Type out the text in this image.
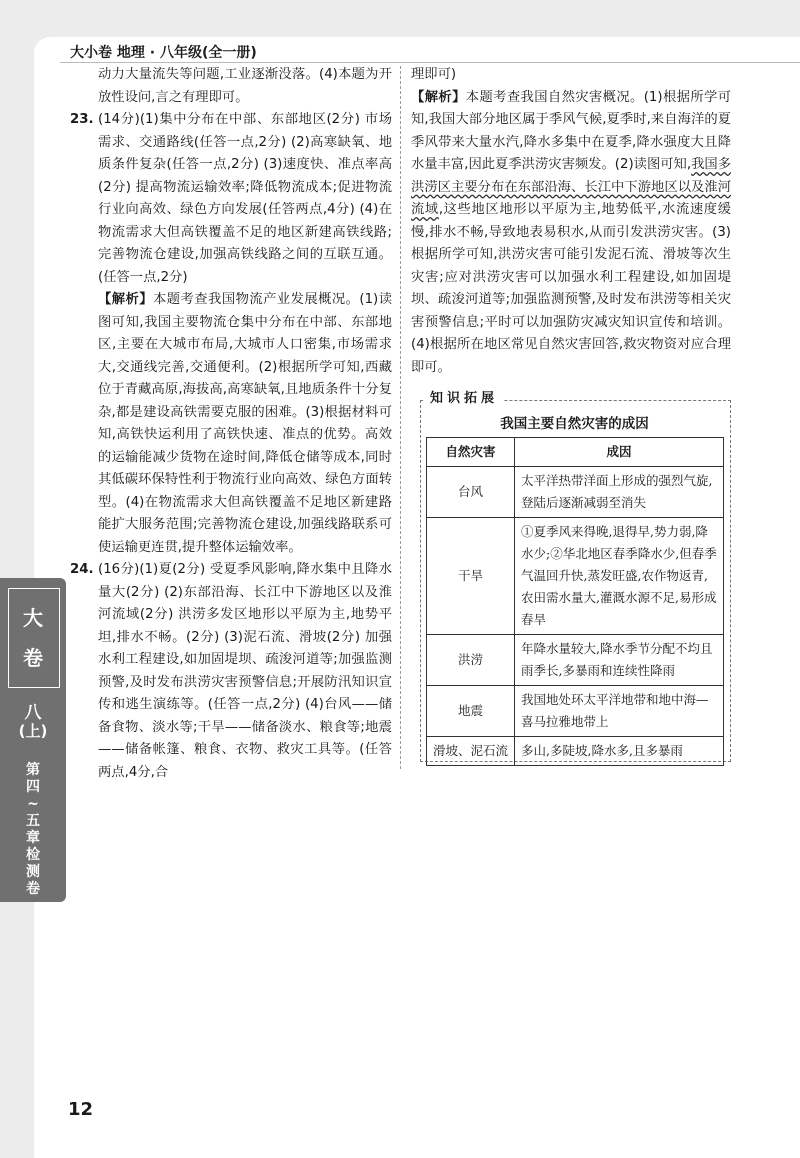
大小卷 地理 · 八年级(全一册)
动力大量流失等问题,工业逐渐没落。(4)本题为开放性设问,言之有理即可。
23. (14分)(1)集中分布在中部、东部地区(2分) 市场需求、交通路线(任答一点,2分) (2)高寒缺氧、地质条件复杂(任答一点,2分) (3)速度快、准点率高(2分) 提高物流运输效率;降低物流成本;促进物流行业向高效、绿色方向发展(任答两点,4分) (4)在物流需求大但高铁覆盖不足的地区新建高铁线路;完善物流仓建设,加强高铁线路之间的互联互通。(任答一点,2分)
【解析】本题考查我国物流产业发展概况。(1)读图可知,我国主要物流仓集中分布在中部、东部地区,主要在大城市布局,大城市人口密集,市场需求大,交通线完善,交通便利。(2)根据所学可知,西藏位于青藏高原,海拔高,高寒缺氧,且地质条件十分复杂,都是建设高铁需要克服的困难。(3)根据材料可知,高铁快运利用了高铁快速、准点的优势。高效的运输能减少货物在途时间,降低仓储等成本,同时其低碳环保特性利于物流行业向高效、绿色方面转型。(4)在物流需求大但高铁覆盖不足地区新建路能扩大服务范围;完善物流仓建设,加强线路联系可使运输更连贯,提升整体运输效率。
24. (16分)(1)夏(2分) 受夏季风影响,降水集中且降水量大(2分) (2)东部沿海、长江中下游地区以及淮河流域(2分) 洪涝多发区地形以平原为主,地势平坦,排水不畅。(2分) (3)泥石流、滑坡(2分) 加强水利工程建设,如加固堤坝、疏浚河道等;加强监测预警,及时发布洪涝灾害预警信息;开展防汛知识宣传和逃生演练等。(任答一点,2分) (4)台风——储备食物、淡水等;干旱——储备淡水、粮食等;地震——储备帐篷、粮食、衣物、救灾工具等。(任答两点,4分,合
理即可)
【解析】本题考查我国自然灾害概况。(1)根据所学可知,我国大部分地区属于季风气候,夏季时,来自海洋的夏季风带来大量水汽,降水多集中在夏季,降水强度大且降水量丰富,因此夏季洪涝灾害频发。(2)读图可知,我国多洪涝区主要分布在东部沿海、长江中下游地区以及淮河流域,这些地区地形以平原为主,地势低平,水流速度缓慢,排水不畅,导致地表易积水,从而引发洪涝灾害。(3)根据所学可知,洪涝灾害可能引发泥石流、滑坡等次生灾害;应对洪涝灾害可以加强水利工程建设,如加固堤坝、疏浚河道等;加强监测预警,及时发布洪涝等相关灾害预警信息;平时可以加强防灾减灾知识宣传和培训。(4)根据所在地区常见自然灾害回答,救灾物资对应合理即可。
知识拓展
我国主要自然灾害的成因
自然灾害	成因
台风	太平洋热带洋面上形成的强烈气旋,登陆后逐渐减弱至消失
干旱	①夏季风来得晚,退得早,势力弱,降水少;②华北地区春季降水少,但春季气温回升快,蒸发旺盛,农作物返青,农田需水量大,灌溉水源不足,易形成春旱
洪涝	年降水量较大,降水季节分配不均且雨季长,多暴雨和连续性降雨
地震	我国地处环太平洋地带和地中海—喜马拉雅地带上
滑坡、泥石流	多山,多陡坡,降水多,且多暴雨
大
卷
八
(上)
第四~五章检测卷
12
